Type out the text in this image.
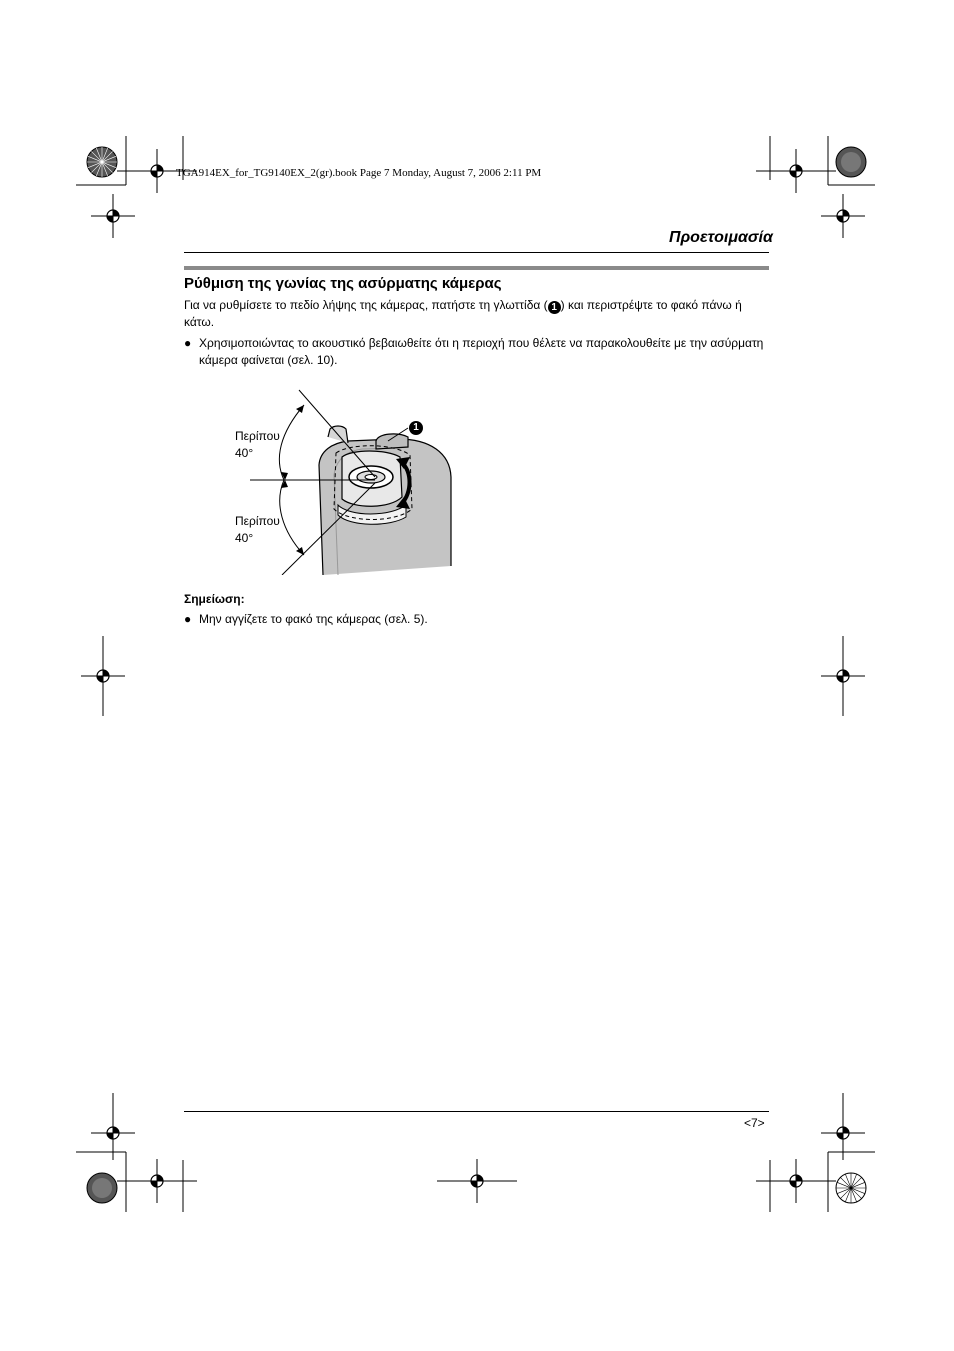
TGA914EX_for_TG9140EX_2(gr).book Page 7 Monday, August 7, 2006 2:11 PM
Προετοιμασία
Ρύθμιση της γωνίας της ασύρματης κάμερας
Για να ρυθμίσετε το πεδίο λήψης της κάμερας, πατήστε τη γλωττίδα ( 1 ) και περιστρέψτε το φακό πάνω ή κάτω.
● Χρησιμοποιώντας το ακουστικό βεβαιωθείτε ότι η περιοχή που θέλετε να παρακολουθείτε με την ασύρματη κάμερα φαίνεται (σελ. 10).
1
Περίπου
40°
Περίπου
40°
Σημείωση:
● Μην αγγίζετε το φακό της κάμερας (σελ. 5).
<7>
